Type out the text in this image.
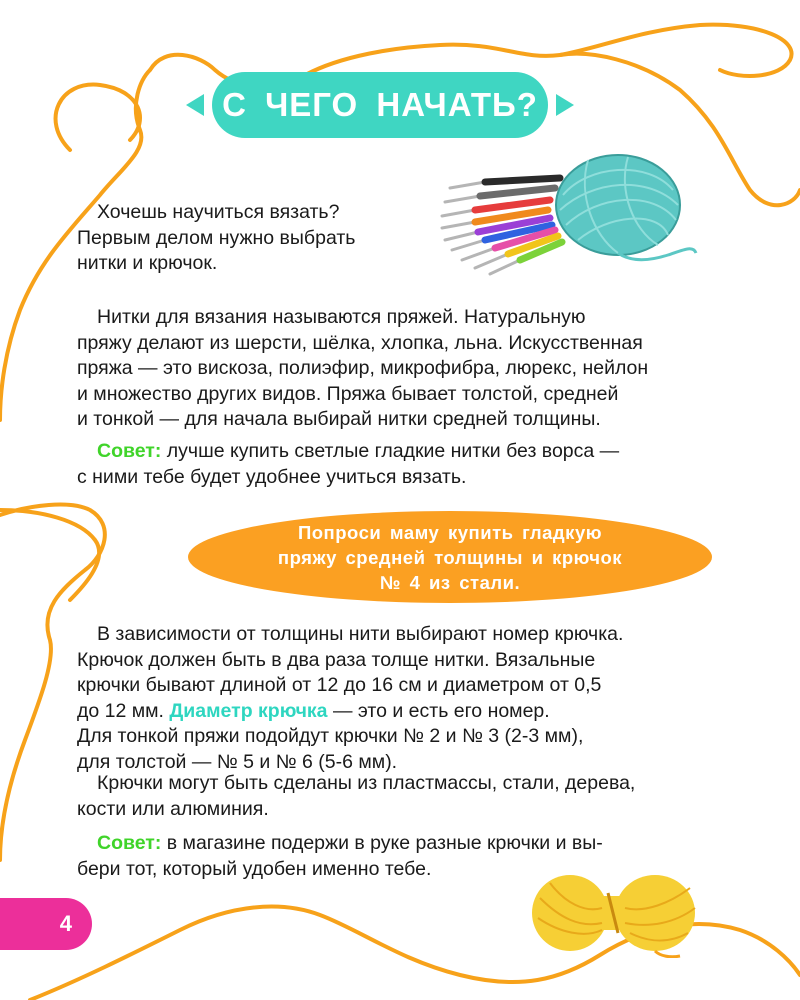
С ЧЕГО НАЧАТЬ?
Хочешь научиться вязать?
Первым делом нужно выбрать
нитки и крючок.
Нитки для вязания называются пряжей. Натуральную
пряжу делают из шерсти, шёлка, хлопка, льна. Искусственная
пряжа — это вискоза, полиэфир, микрофибра, люрекс, нейлон
и множество других видов. Пряжа бывает толстой, средней
и тонкой — для начала выбирай нитки средней толщины.
Совет: лучше купить светлые гладкие нитки без ворса —
с ними тебе будет удобнее учиться вязать.
Попроси маму купить гладкую
пряжу средней толщины и крючок
№ 4 из стали.
В зависимости от толщины нити выбирают номер крючка.
Крючок должен быть в два раза толще нитки. Вязальные
крючки бывают длиной от 12 до 16 см и диаметром от 0,5
до 12 мм. Диаметр крючка — это и есть его номер.
Для тонкой пряжи подойдут крючки № 2 и № 3 (2-3 мм),
для толстой — № 5 и № 6 (5-6 мм).
Крючки могут быть сделаны из пластмассы, стали, дерева,
кости или алюминия.
Совет: в магазине подержи в руке разные крючки и вы-
бери тот, который удобен именно тебе.
4
